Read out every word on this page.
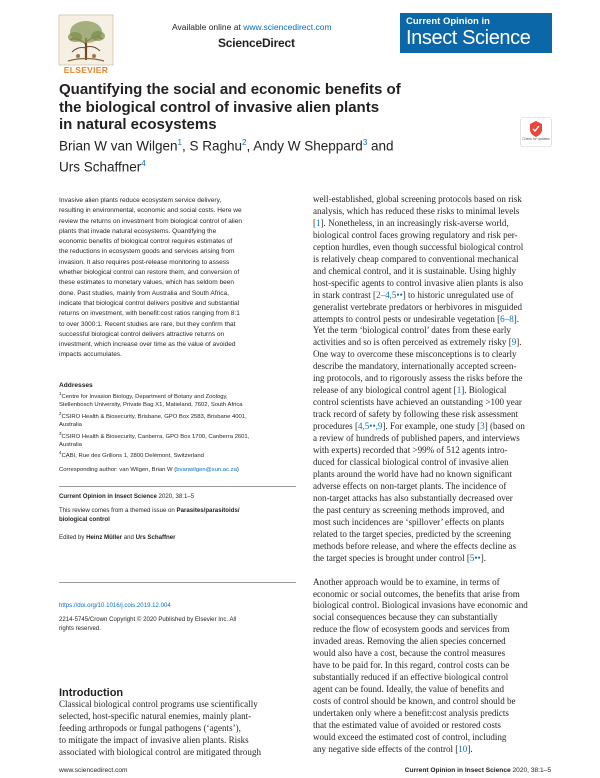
ELSEVIER
Available online at www.sciencedirect.com
ScienceDirect
Current Opinion in
Insect Science
Quantifying the social and economic benefits of
the biological control of invasive alien plants
in natural ecosystems
Brian W van Wilgen$^1$, S Raghu$^2$, Andy W Sheppard$^3$ and
Urs Schaffner$^4$
Check for updates
Invasive alien plants reduce ecosystem service delivery,
resulting in environmental, economic and social costs. Here we
review the returns on investment from biological control of alien
plants that invade natural ecosystems. Quantifying the
economic benefits of biological control requires estimates of
the reductions in ecosystem goods and services arising from
invasion. It also requires post-release monitoring to assess
whether biological control can restore them, and conversion of
these estimates to monetary values, which has seldom been
done. Past studies, mainly from Australia and South Africa,
indicate that biological control delivers positive and substantial
returns on investment, with benefit:cost ratios ranging from 8:1
to over 3000:1. Recent studies are rare, but they confirm that
successful biological control delivers attractive returns on
investment, which increase over time as the value of avoided
impacts accumulates.
Addresses
$^1$Centre for Invasion Biology, Department of Botany and Zoology,
Stellenbosch University, Private Bag X1, Matieland, 7602, South Africa
$^2$CSIRO Health & Biosecurity, Brisbane, GPO Box 2583, Brisbane 4001,
Australia
$^3$CSIRO Health & Biosecurity, Canberra, GPO Box 1700, Canberra 2601,
Australia
$^4$CABI, Rue des Grillons 1, 2800 Delémont, Switzerland
Corresponding author: van Wilgen, Brian W (bvanwilgen@sun.ac.za)
Current Opinion in Insect Science 2020, 38:1–5
This review comes from a themed issue on Parasites/parasitoids/
biological control
Edited by Heinz Müller and Urs Schaffner
https://doi.org/10.1016/j.cois.2019.12.004
2214-5745/Crown Copyright © 2020 Published by Elsevier Inc. All
rights reserved.
Introduction
Classical biological control programs use scientifically
selected, host-specific natural enemies, mainly plant-
feeding arthropods or fungal pathogens (‘agents’),
to mitigate the impact of invasive alien plants. Risks
associated with biological control are mitigated through
well-established, global screening protocols based on risk
analysis, which has reduced these risks to minimal levels
[1]. Nonetheless, in an increasingly risk-averse world,
biological control faces growing regulatory and risk per-
ception hurdles, even though successful biological control
is relatively cheap compared to conventional mechanical
and chemical control, and it is sustainable. Using highly
host-specific agents to control invasive alien plants is also
in stark contrast [2–4,5••] to historic unregulated use of
generalist vertebrate predators or herbivores in misguided
attempts to control pests or undesirable vegetation [6–8].
Yet the term ‘biological control’ dates from these early
activities and so is often perceived as extremely risky [9].
One way to overcome these misconceptions is to clearly
describe the mandatory, internationally accepted screen-
ing protocols, and to rigorously assess the risks before the
release of any biological control agent [1]. Biological
control scientists have achieved an outstanding >100 year
track record of safety by following these risk assessment
procedures [4,5••,9]. For example, one study [3] (based on
a review of hundreds of published papers, and interviews
with experts) recorded that >99% of 512 agents intro-
duced for classical biological control of invasive alien
plants around the world have had no known significant
adverse effects on non-target plants. The incidence of
non-target attacks has also substantially decreased over
the past century as screening methods improved, and
most such incidences are ‘spillover’ effects on plants
related to the target species, predicted by the screening
methods before release, and where the effects decline as
the target species is brought under control [5••].
Another approach would be to examine, in terms of
economic or social outcomes, the benefits that arise from
biological control. Biological invasions have economic and
social consequences because they can substantially
reduce the flow of ecosystem goods and services from
invaded areas. Removing the alien species concerned
would also have a cost, because the control measures
have to be paid for. In this regard, control costs can be
substantially reduced if an effective biological control
agent can be found. Ideally, the value of benefits and
costs of control should be known, and control should be
undertaken only where a benefit:cost analysis predicts
that the estimated value of avoided or restored costs
would exceed the estimated cost of control, including
any negative side effects of the control [10].
www.sciencedirect.com	Current Opinion in Insect Science 2020, 38:1–5
